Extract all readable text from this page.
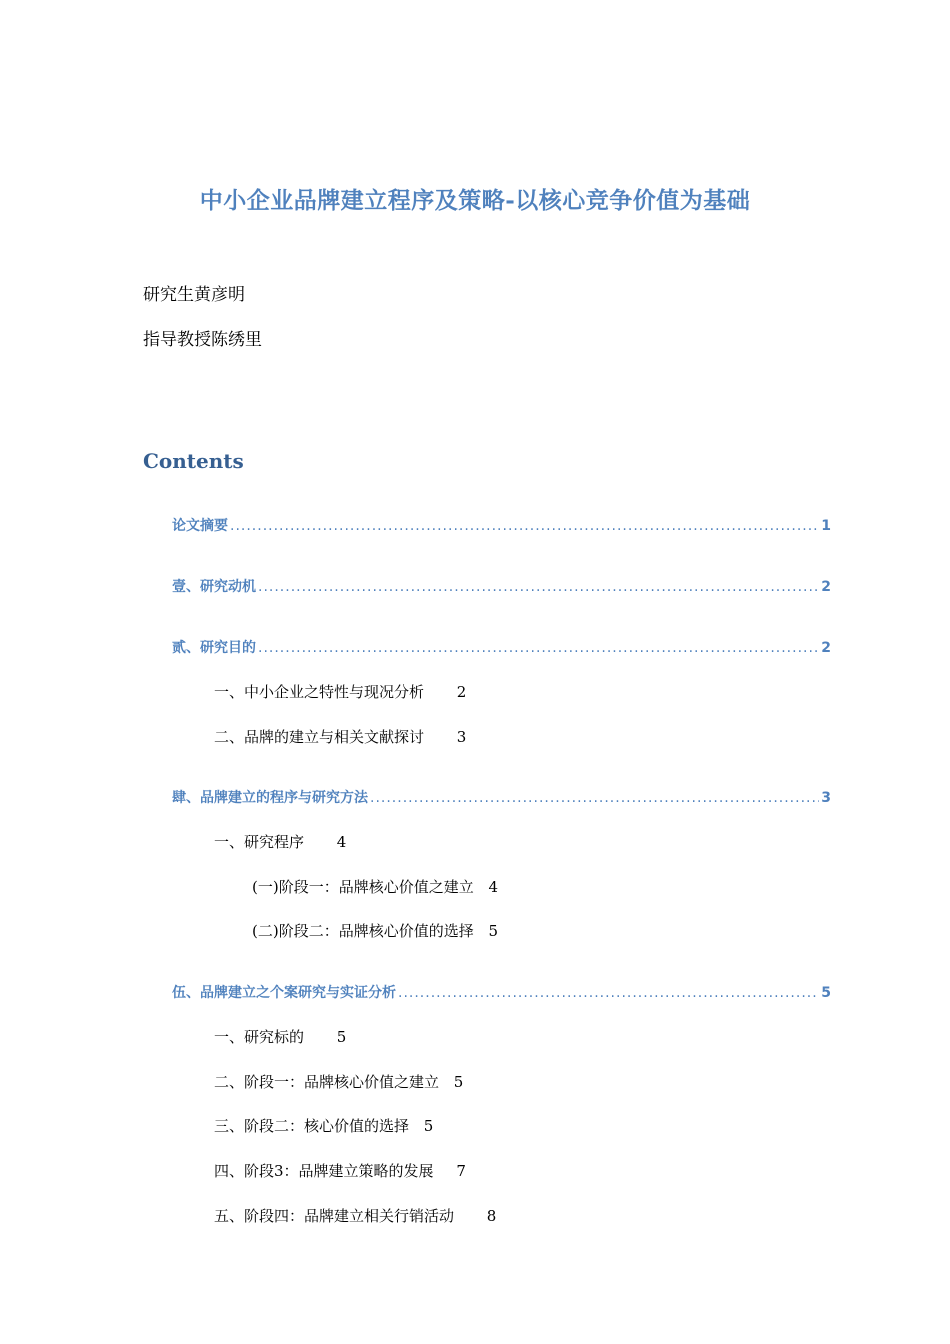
中小企业品牌建立程序及策略-以核心竞争价值为基础
研究生黄彦明
指导教授陈绣里
Contents
论文摘要 .....	1
壹、研究动机 .....	2
贰、研究目的 .....	2
一、中小企业之特性与现况分析 2
二、品牌的建立与相关文献探讨 3
肆、品牌建立的程序与研究方法 .....	3
一、研究程序 4
(一)阶段一：品牌核心价值之建立 4
(二)阶段二：品牌核心价值的选择 5
伍、品牌建立之个案研究与实证分析 .....	5
一、研究标的 5
二、阶段一：品牌核心价值之建立 5
三、阶段二：核心价值的选择 5
四、阶段3：品牌建立策略的发展 7
五、阶段四：品牌建立相关行销活动 8
